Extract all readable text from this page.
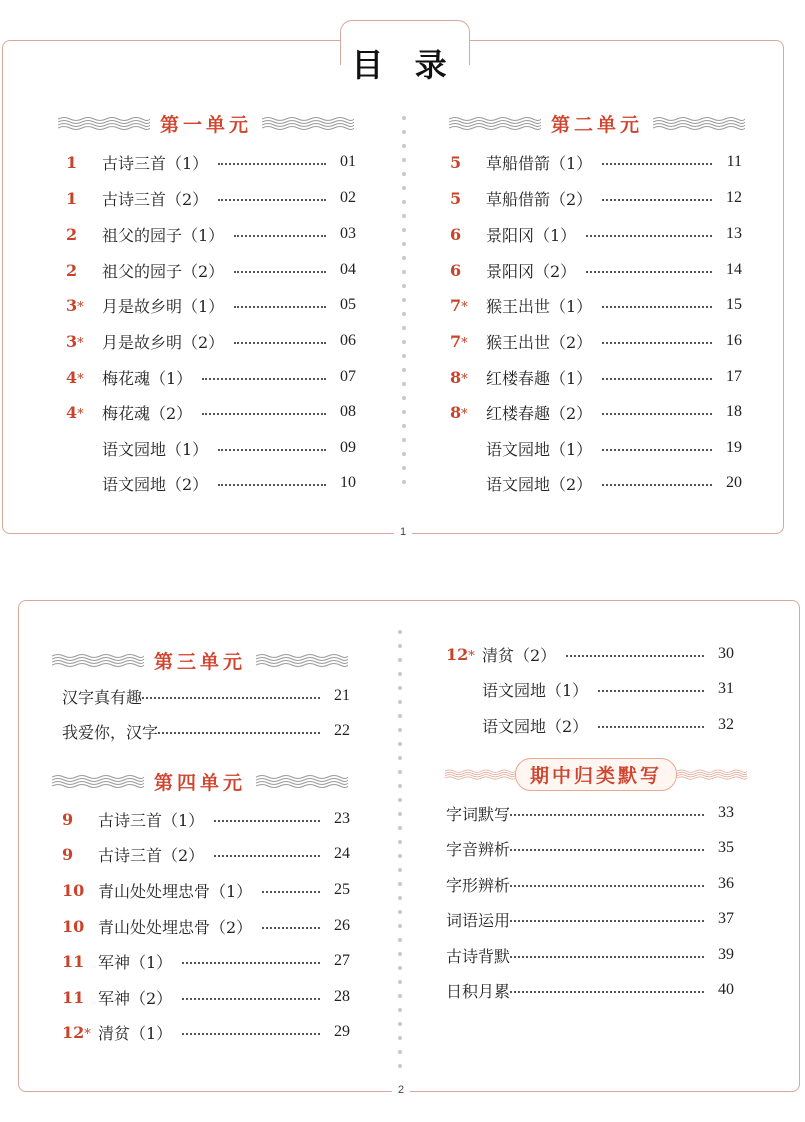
目 录
1
第一单元	第二单元
1	古诗三首（1）	01
1	古诗三首（2）	02
2	祖父的园子（1）	03
2	祖父的园子（2）	04
3*	月是故乡明（1）	05
3*	月是故乡明（2）	06
4*	梅花魂（1）	07
4*	梅花魂（2）	08
语文园地（1）	09
语文园地（2）	10
5	草船借箭（1）	11
5	草船借箭（2）	12
6	景阳冈（1）	13
6	景阳冈（2）	14
7*	猴王出世（1）	15
7*	猴王出世（2）	16
8*	红楼春趣（1）	17
8*	红楼春趣（2）	18
语文园地（1）	19
语文园地（2）	20
2
第三单元
汉字真有趣	21
我爱你，汉字	22
第四单元
9	古诗三首（1）	23
9	古诗三首（2）	24
10 青山处处埋忠骨（1）	25
10 青山处处埋忠骨（2）	26
11 军神（1）	27
11 军神（2）	28
12* 清贫（1）	29
12* 清贫（2）	30
语文园地（1）	31
语文园地（2）	32
期中归类默写
字词默写	33
字音辨析	35
字形辨析	36
词语运用	37
古诗背默	39
日积月累	40
